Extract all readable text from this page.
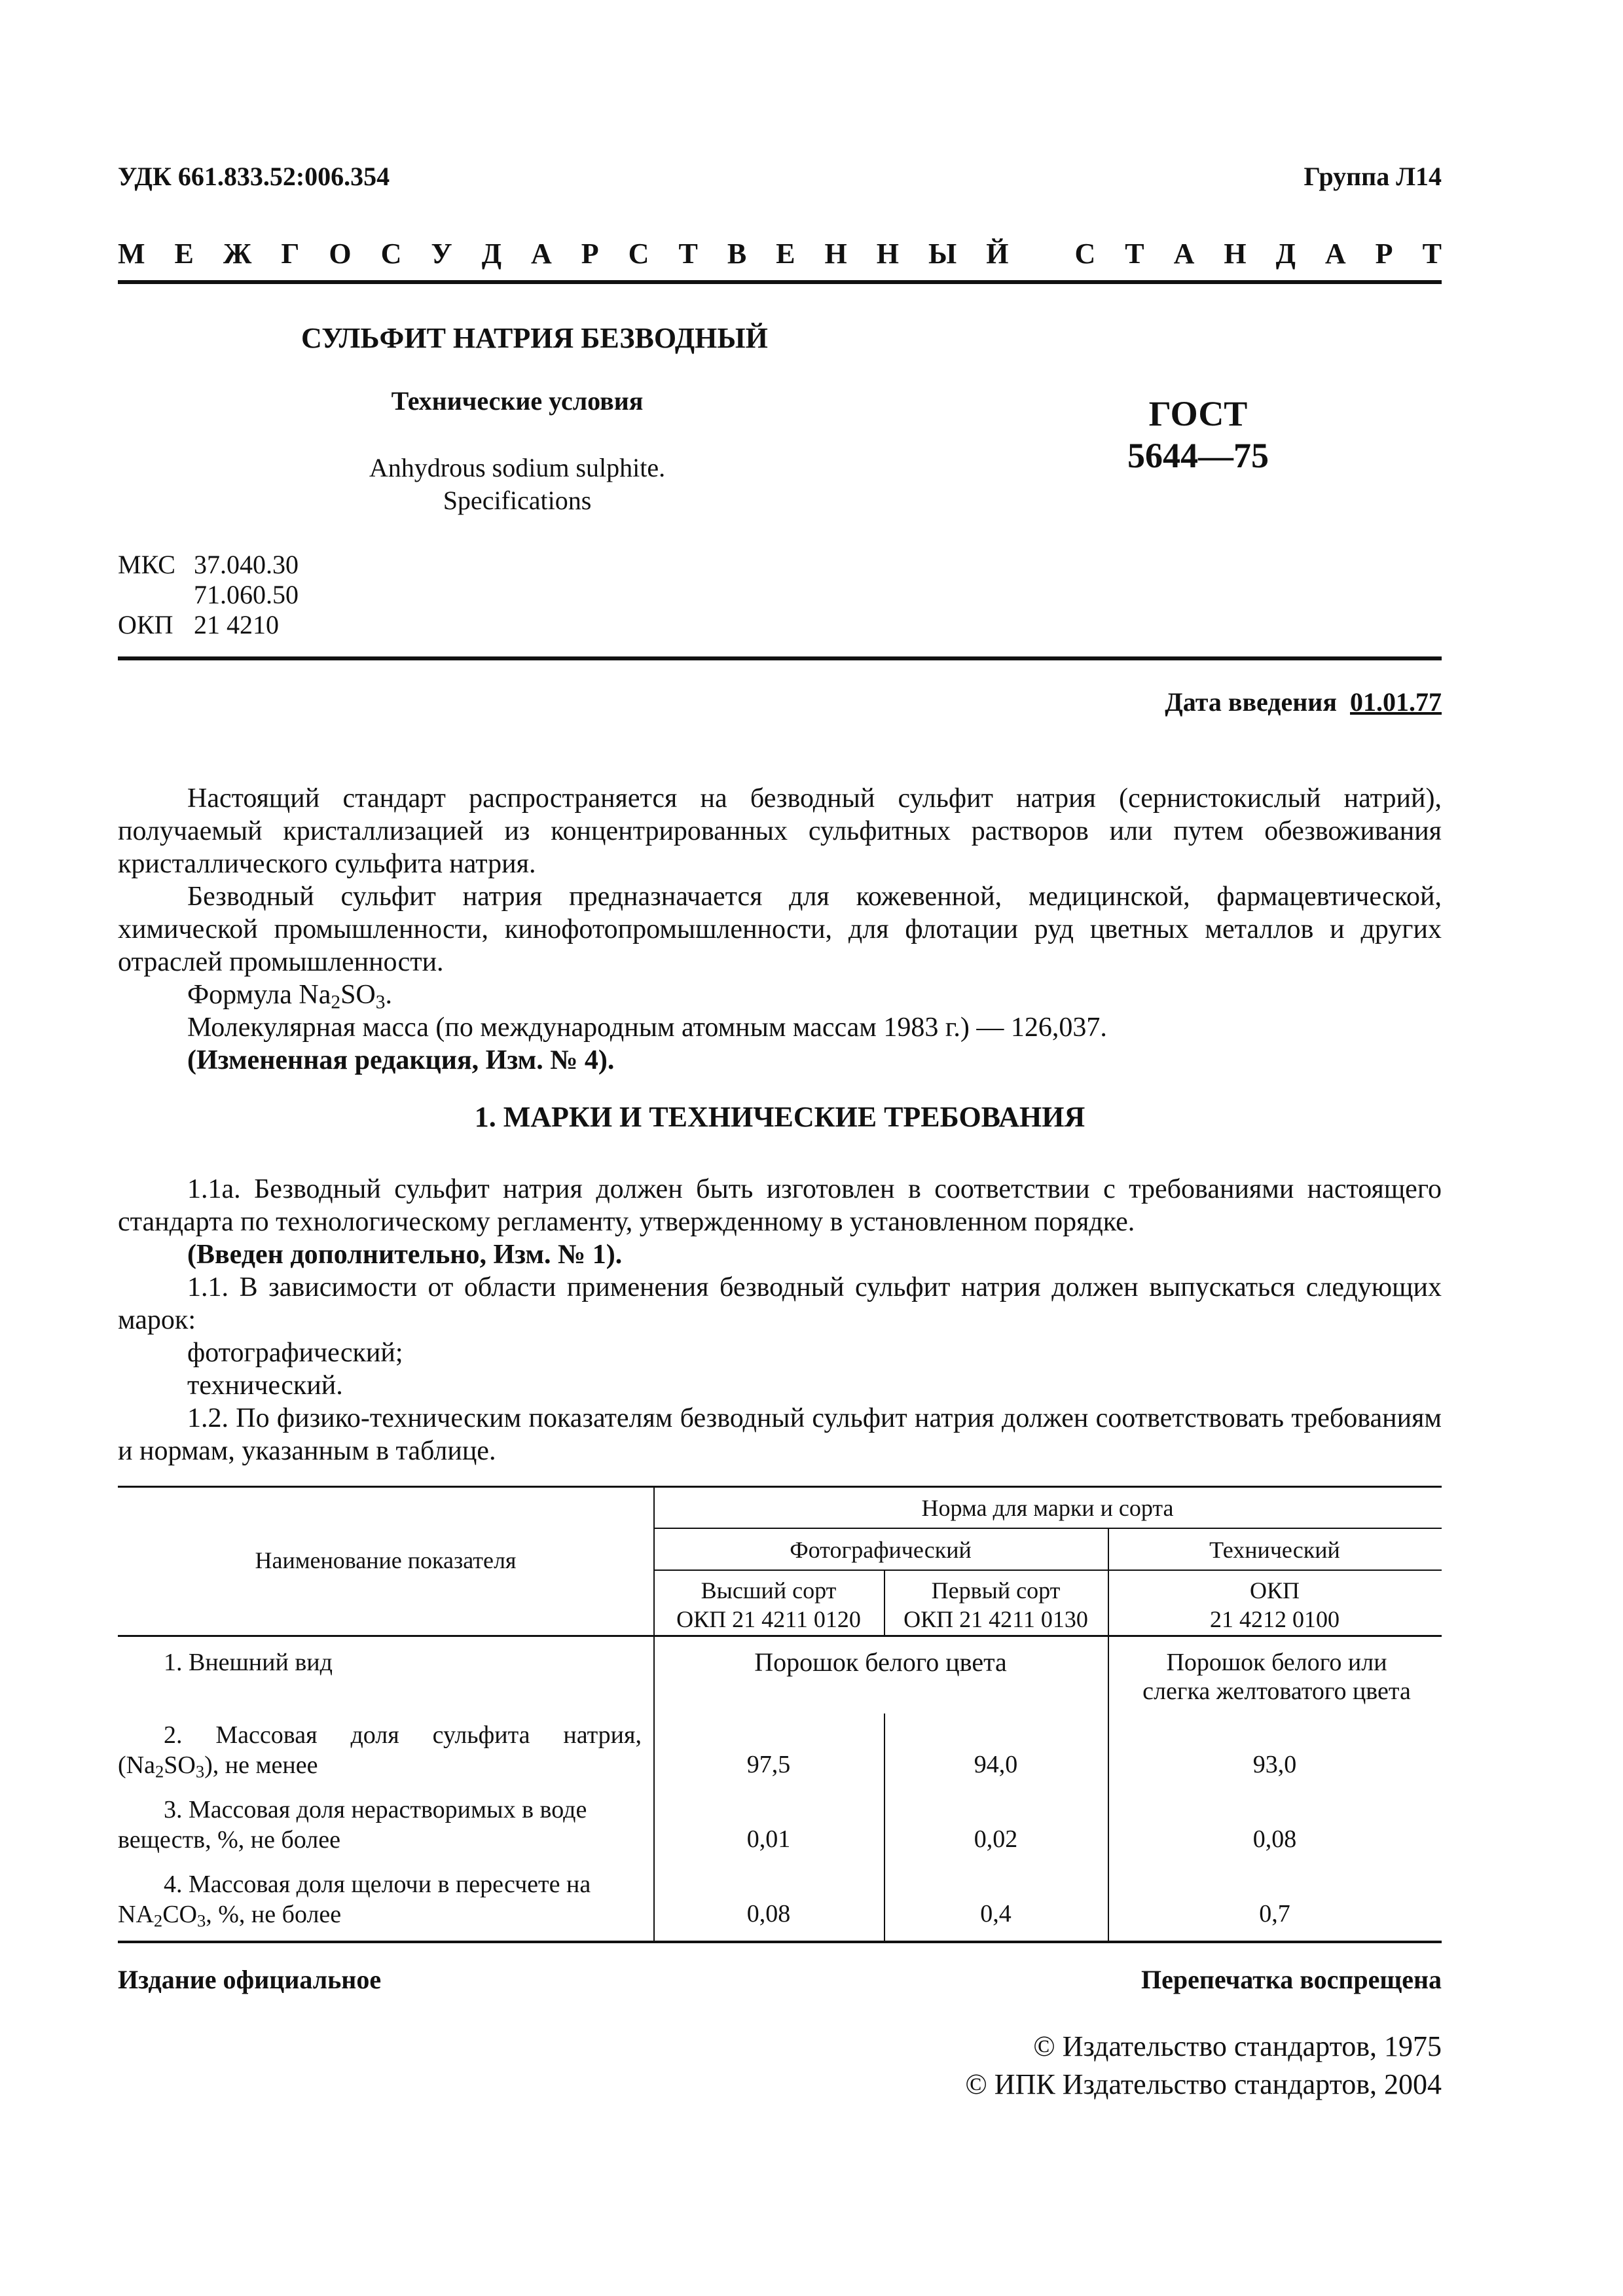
УДК 661.833.52:006.354	Группа Л14
М Е Ж Г О С У Д А Р С Т В Е Н Н Ы Й
С Т А Н Д А Р Т
СУЛЬФИТ НАТРИЯ БЕЗВОДНЫЙ
Технические условия
Anhydrous sodium sulphite.
Specifications
ГОСТ
5644—75
МКС 37.040.30
71.060.50
ОКП 21 4210
Дата введения 01.01.77

Настоящий стандарт распространяется на безводный сульфит натрия (сернистокислый натрий), получаемый кристаллизацией из концентрированных сульфитных растворов или путем обезвоживания кристаллического сульфита натрия.

Безводный сульфит натрия предназначается для кожевенной, медицинской, фармацевтической, химической промышленности, кинофотопромышленности, для флотации руд цветных металлов и других отраслей промышленности.

Формула $Na_2SO_3$.

Молекулярная масса (по международным атомным массам 1983 г.) — 126,037.

(Измененная редакция, Изм. № 4).

1. МАРКИ И ТЕХНИЧЕСКИЕ ТРЕБОВАНИЯ

1.1а. Безводный сульфит натрия должен быть изготовлен в соответствии с требованиями настоящего стандарта по технологическому регламенту, утвержденному в установленном порядке.

(Введен дополнительно, Изм. № 1).

1.1. В зависимости от области применения безводный сульфит натрия должен выпускаться следующих марок:

фотографический;

технический.

1.2. По физико-техническим показателям безводный сульфит натрия должен соответствовать требованиям и нормам, указанным в таблице.

Наименование показателя
Норма для марки и сорта
Фотографический	Технический
Высший сорт
ОКП 21 4211 0120
Первый сорт
ОКП 21 4211 0130
ОКП
21 4212 0100
1. Внешний вид	Порошок белого цвета	Порошок белого или
слегка желтоватого цвета
2. Массовая доля сульфита натрия,
$(Na_2SO_3)$, не менее	97,5	94,0	93,0
3. Массовая доля нерастворимых в воде
веществ, %, не более	0,01	0,02	0,08
4. Массовая доля щелочи в пересчете на
$NA_2CO_3$, %, не более	0,08	0,4	0,7
Издание официальное	Перепечатка воспрещена
© Издательство стандартов, 1975
© ИПК Издательство стандартов, 2004
